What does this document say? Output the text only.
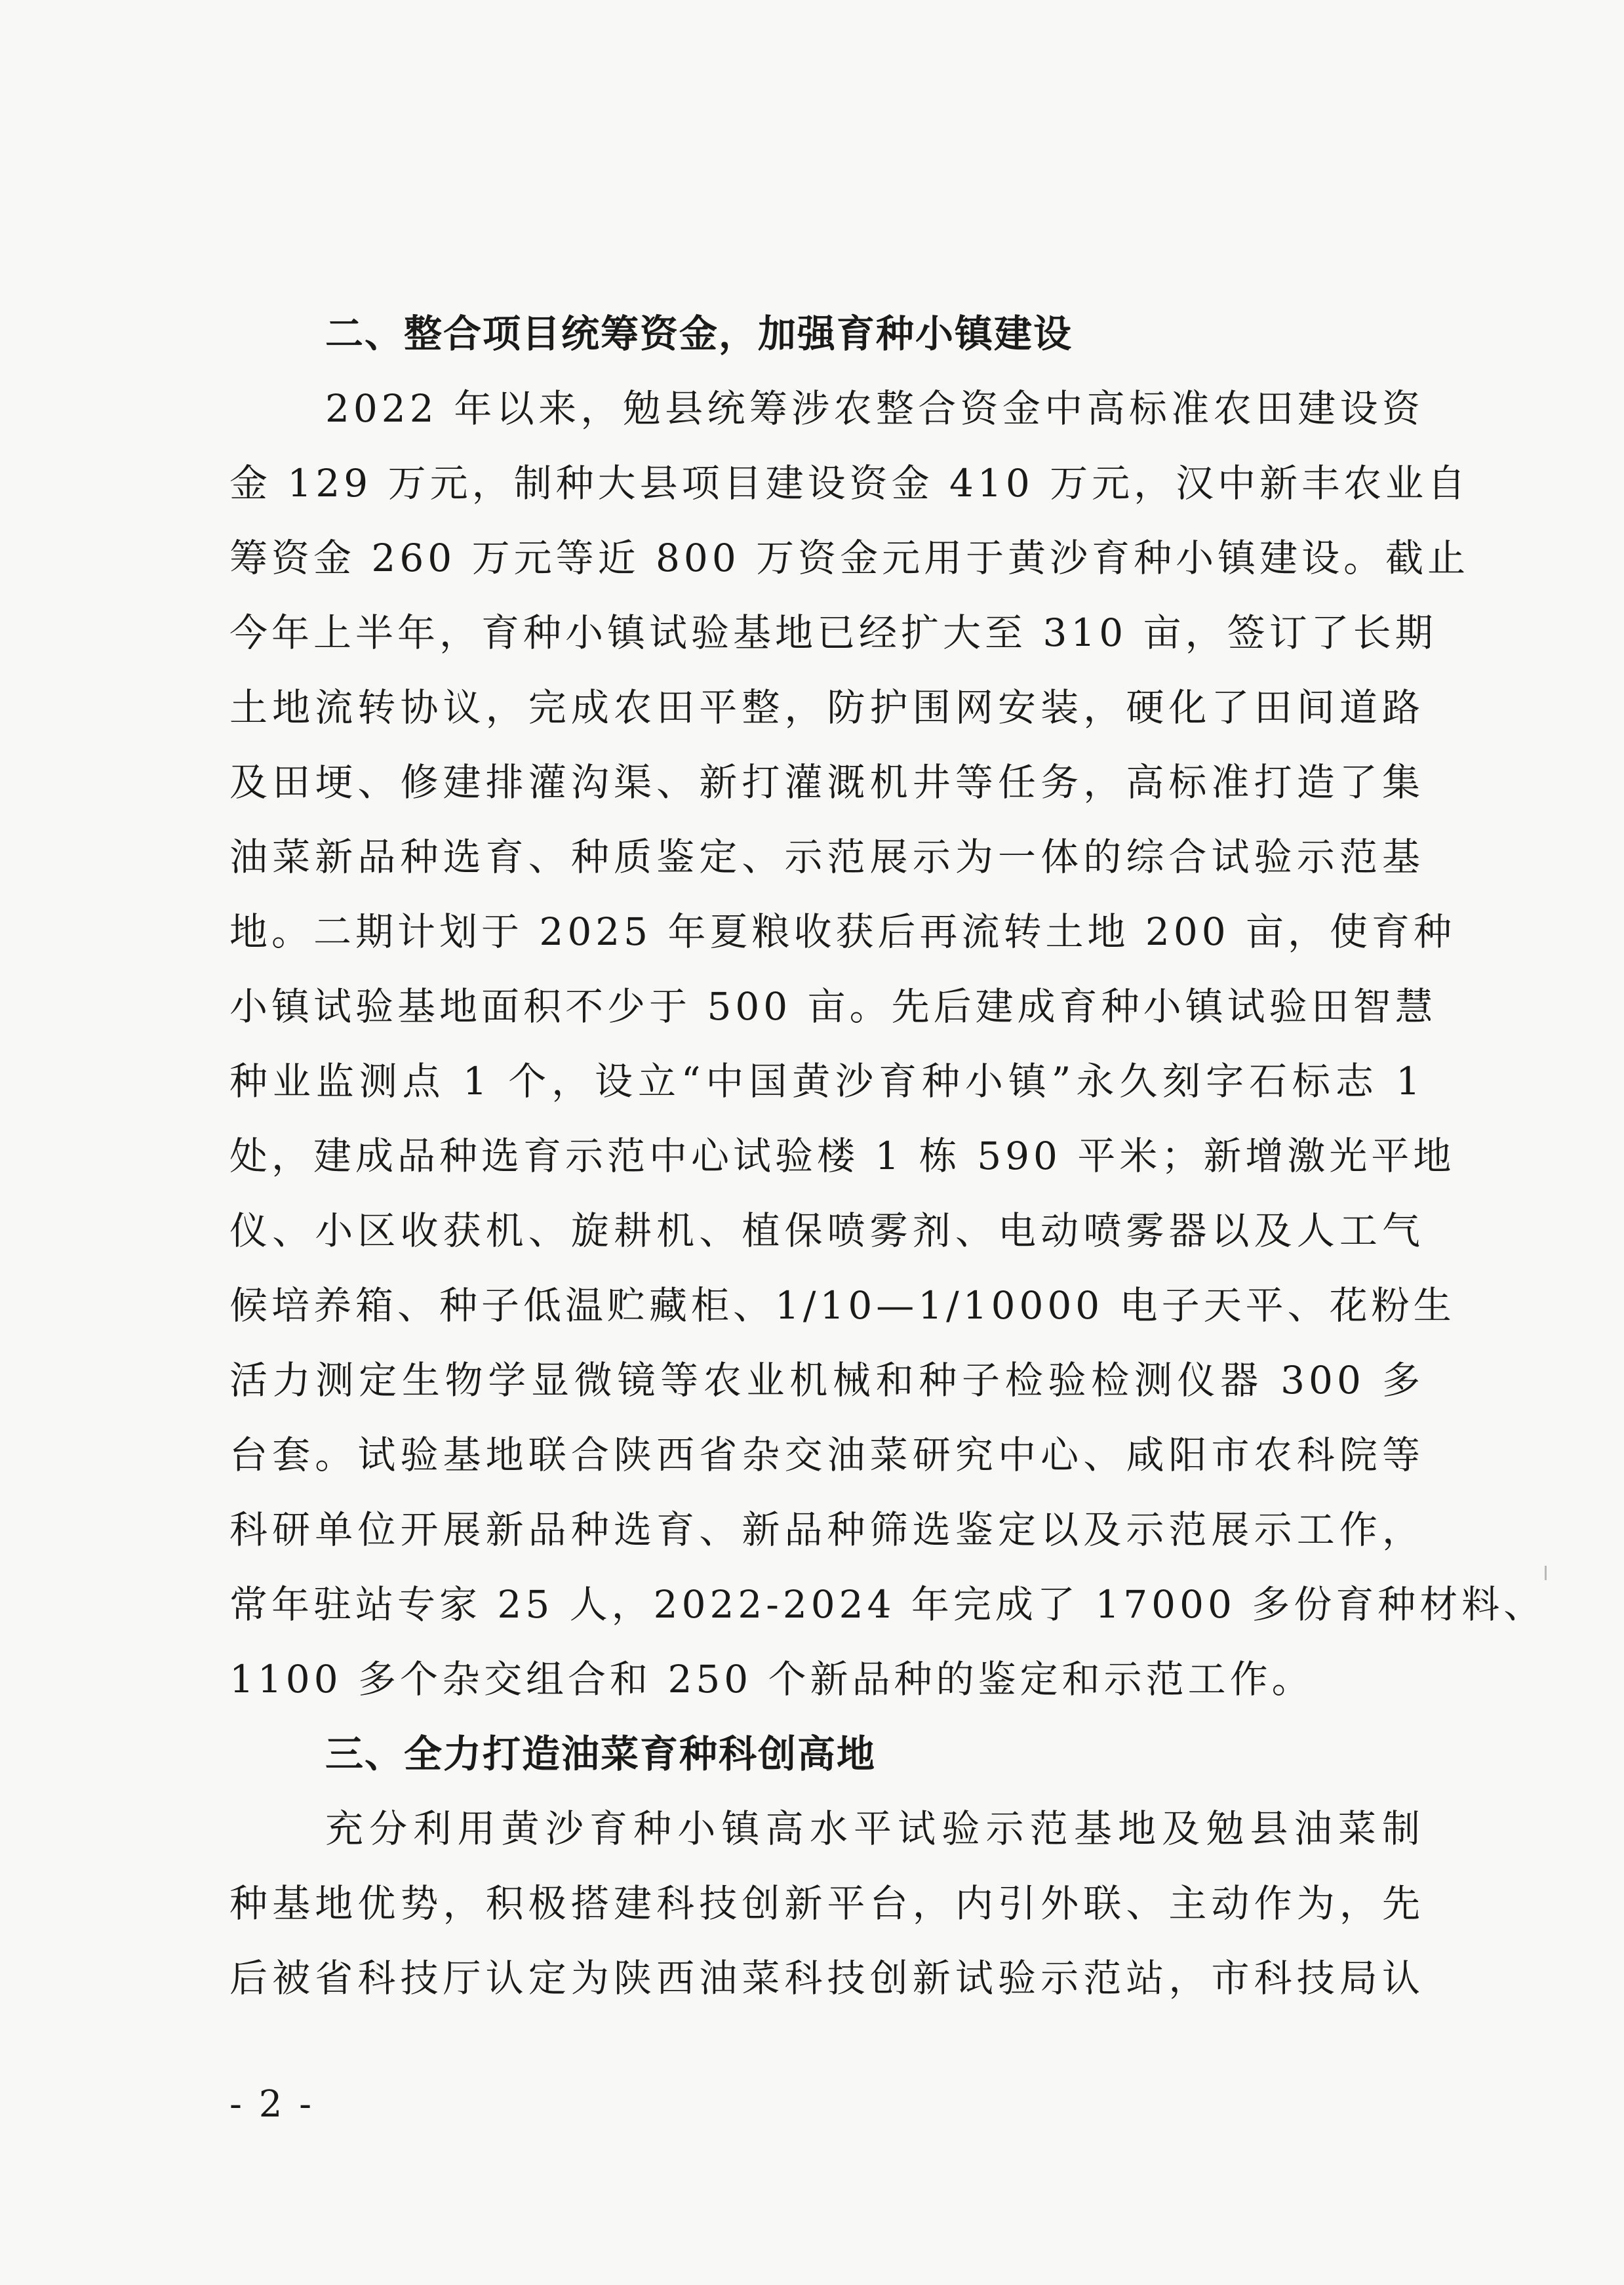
二、整合项目统筹资金，加强育种小镇建设

2022 年以来，勉县统筹涉农整合资金中高标准农田建设资
金 129 万元，制种大县项目建设资金 410 万元，汉中新丰农业自
筹资金 260 万元等近 800 万资金元用于黄沙育种小镇建设。截止
今年上半年，育种小镇试验基地已经扩大至 310 亩，签订了长期
土地流转协议，完成农田平整，防护围网安装，硬化了田间道路
及田埂、修建排灌沟渠、新打灌溉机井等任务，高标准打造了集
油菜新品种选育、种质鉴定、示范展示为一体的综合试验示范基
地。二期计划于 2025 年夏粮收获后再流转土地 200 亩，使育种
小镇试验基地面积不少于 500 亩。先后建成育种小镇试验田智慧
种业监测点 1 个，设立“中国黄沙育种小镇”永久刻字石标志 1
处，建成品种选育示范中心试验楼 1 栋 590 平米；新增激光平地
仪、小区收获机、旋耕机、植保喷雾剂、电动喷雾器以及人工气
候培养箱、种子低温贮藏柜、1/10—1/10000 电子天平、花粉生
活力测定生物学显微镜等农业机械和种子检验检测仪器 300 多
台套。试验基地联合陕西省杂交油菜研究中心、咸阳市农科院等
科研单位开展新品种选育、新品种筛选鉴定以及示范展示工作，
常年驻站专家 25 人，2022-2024 年完成了 17000 多份育种材料、
1100 多个杂交组合和 250 个新品种的鉴定和示范工作。

三、全力打造油菜育种科创高地

充分利用黄沙育种小镇高水平试验示范基地及勉县油菜制
种基地优势，积极搭建科技创新平台，内引外联、主动作为，先
后被省科技厅认定为陕西油菜科技创新试验示范站，市科技局认

- 2 -
